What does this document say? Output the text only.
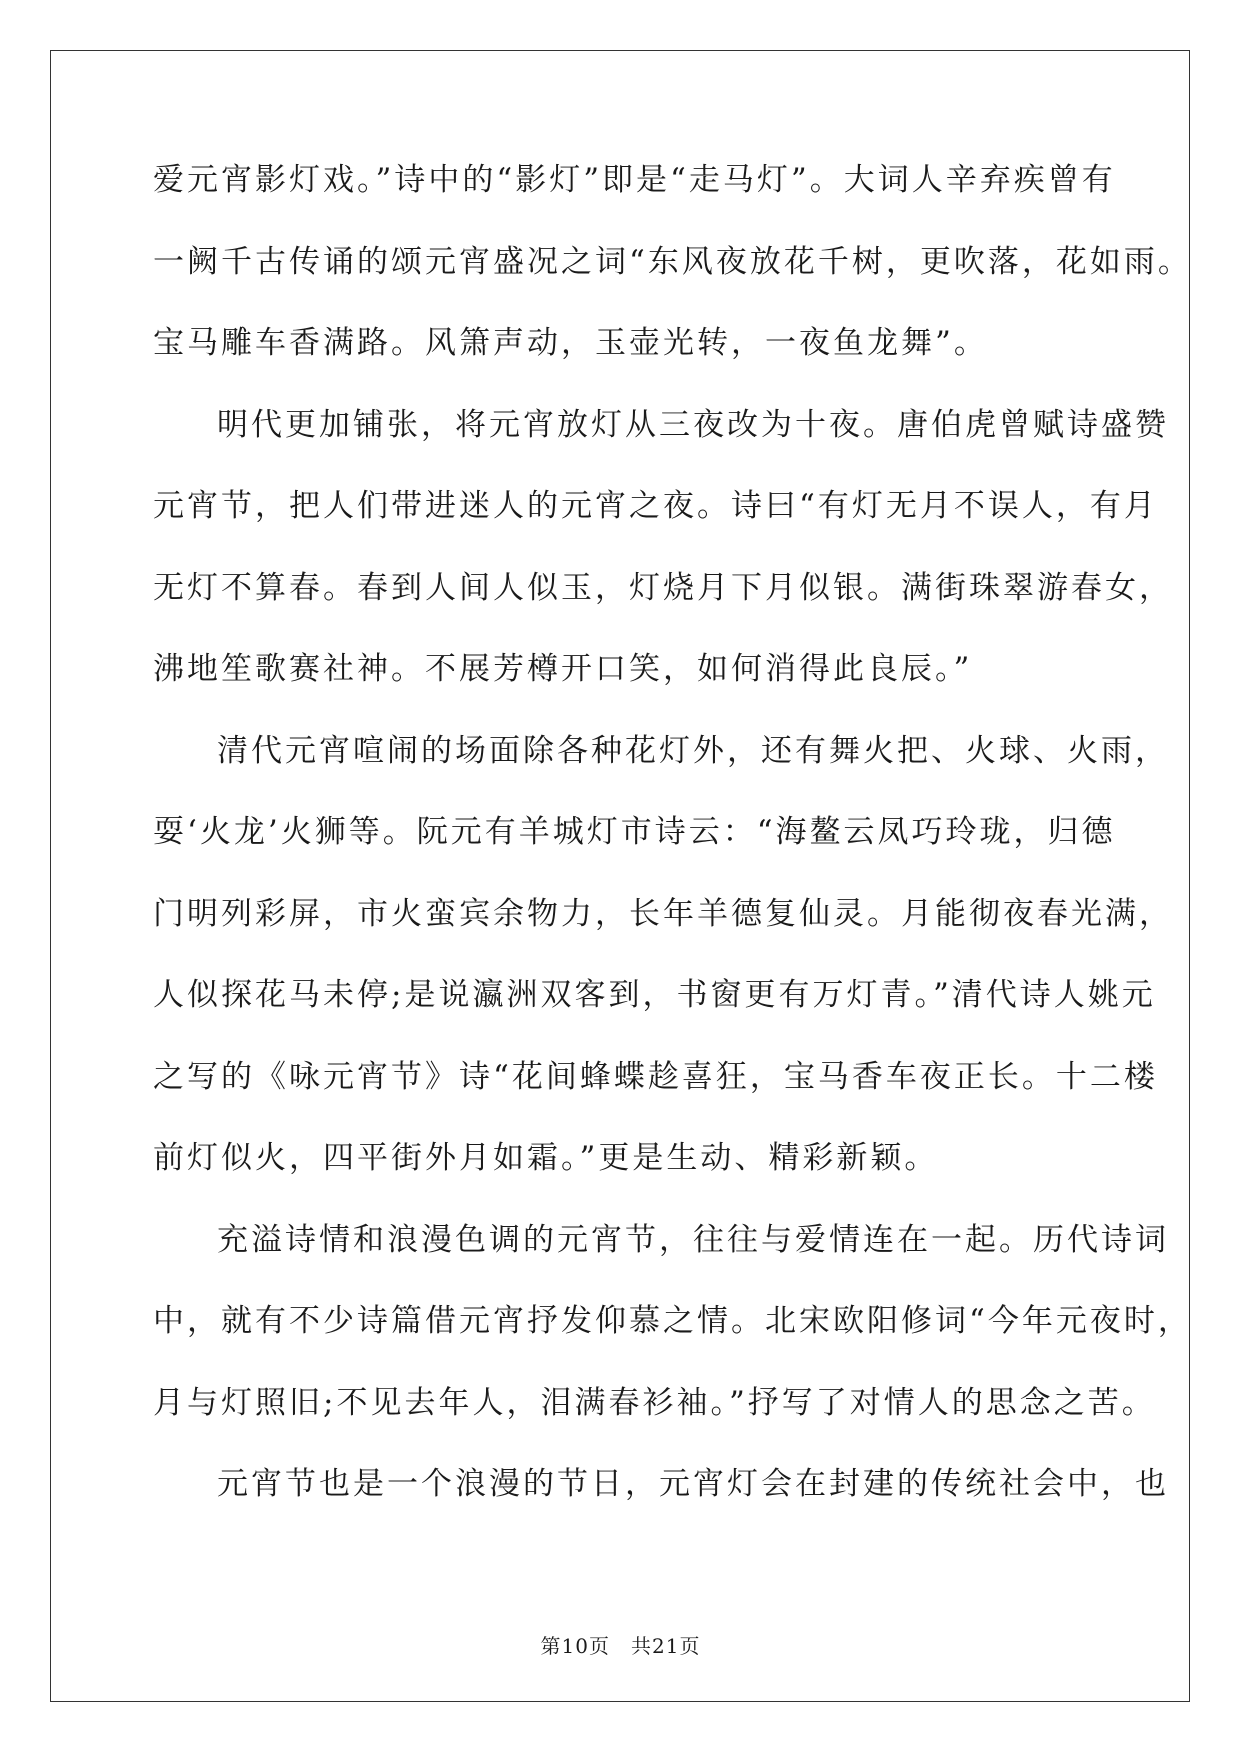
爱元宵影灯戏。”诗中的“影灯”即是“走马灯”。大词人辛弃疾曾有
一阙千古传诵的颂元宵盛况之词“东风夜放花千树，更吹落，花如雨。
宝马雕车香满路。风箫声动，玉壶光转，一夜鱼龙舞”。
明代更加铺张，将元宵放灯从三夜改为十夜。唐伯虎曾赋诗盛赞
元宵节，把人们带进迷人的元宵之夜。诗曰“有灯无月不误人，有月
无灯不算春。春到人间人似玉，灯烧月下月似银。满街珠翠游春女，
沸地笙歌赛社神。不展芳樽开口笑，如何消得此良辰。”
清代元宵喧闹的场面除各种花灯外，还有舞火把、火球、火雨，
耍‘火龙’火狮等。阮元有羊城灯市诗云：“海鳌云凤巧玲珑，归德
门明列彩屏，市火蛮宾余物力，长年羊德复仙灵。月能彻夜春光满，
人似探花马未停;是说瀛洲双客到，书窗更有万灯青。”清代诗人姚元
之写的《咏元宵节》诗“花间蜂蝶趁喜狂，宝马香车夜正长。十二楼
前灯似火，四平街外月如霜。”更是生动、精彩新颖。
充溢诗情和浪漫色调的元宵节，往往与爱情连在一起。历代诗词
中，就有不少诗篇借元宵抒发仰慕之情。北宋欧阳修词“今年元夜时，
月与灯照旧;不见去年人，泪满春衫袖。”抒写了对情人的思念之苦。
元宵节也是一个浪漫的节日，元宵灯会在封建的传统社会中，也
第10页　共21页
